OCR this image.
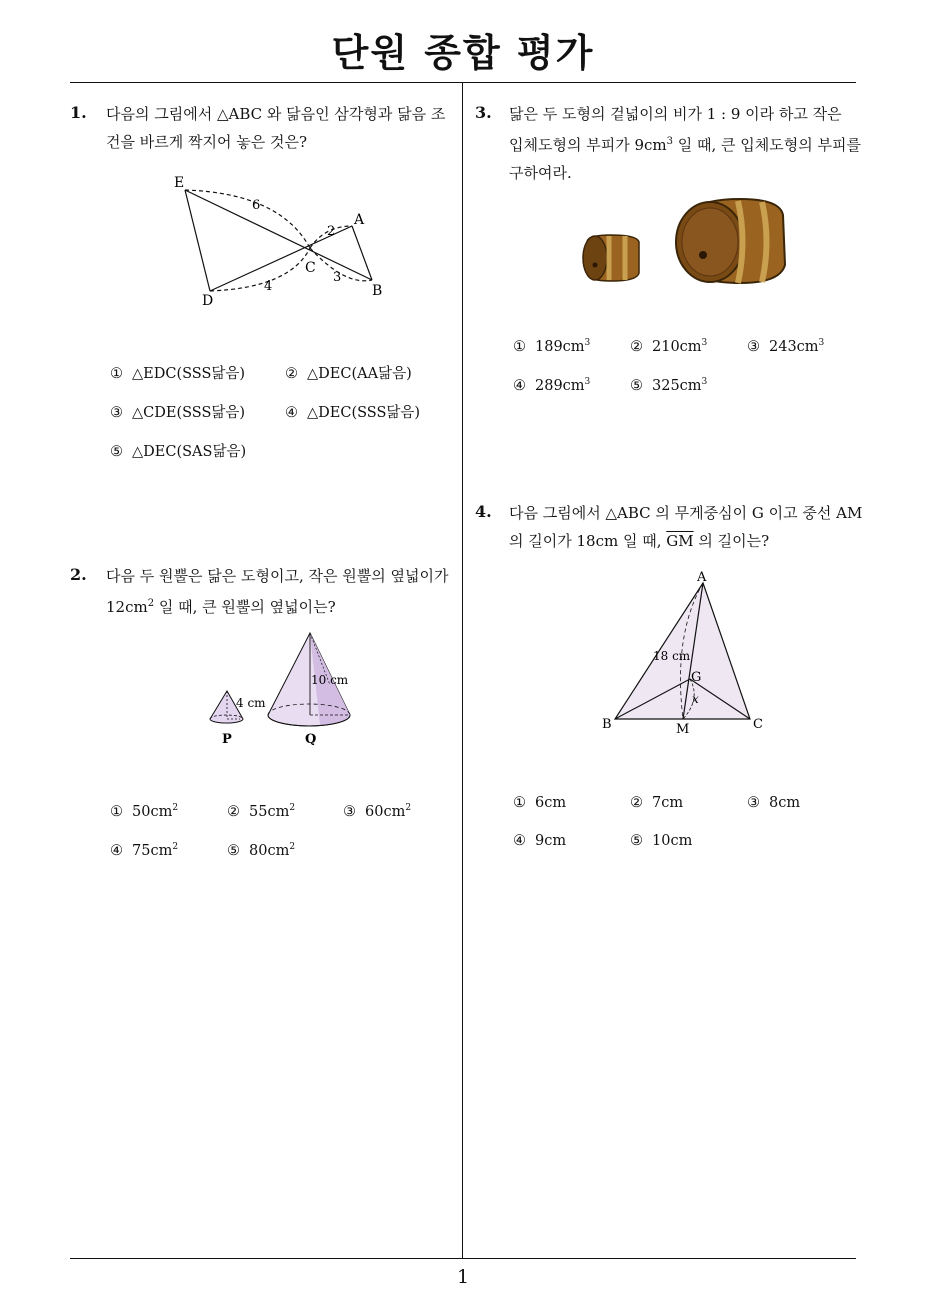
단원 종합 평가
1
1. 다음의 그림에서 △ABC 와 닮음인 삼각형과 닮음 조
건을 바르게 짝지어 놓은 것은?
E
A
B
C
D
6
2
3
4
① △EDC(SSS닮음)	② △DEC(AA닮음)
③ △CDE(SSS닮음)	④ △DEC(SSS닮음)
⑤ △DEC(SAS닮음)
2. 다음 두 원뿔은 닮은 도형이고, 작은 원뿔의 옆넓이가
$12cm^2$ 일 때, 큰 원뿔의 옆넓이는?
4 cm
P
10 cm
Q
① $50cm^2$	② $55cm^2$	③ $60cm^2$
④ $75cm^2$	⑤ $80cm^2$
3. 닮은 두 도형의 겉넓이의 비가 1 : 9 이라 하고 작은
입체도형의 부피가 $9cm^3$ 일 때, 큰 입체도형의 부피를
구하여라.
① $189cm^3$	② $210cm^3$	③ $243cm^3$
④ $289cm^3$	⑤ $325cm^3$
4. 다음 그림에서 △ABC 의 무게중심이 G 이고 중선 AM
의 길이가 18cm 일 때, $\overline{GM}$ 의 길이는?
A
B	C
G
M
18 cm
x
① 6cm	② 7cm	③ 8cm
④ 9cm	⑤ 10cm
